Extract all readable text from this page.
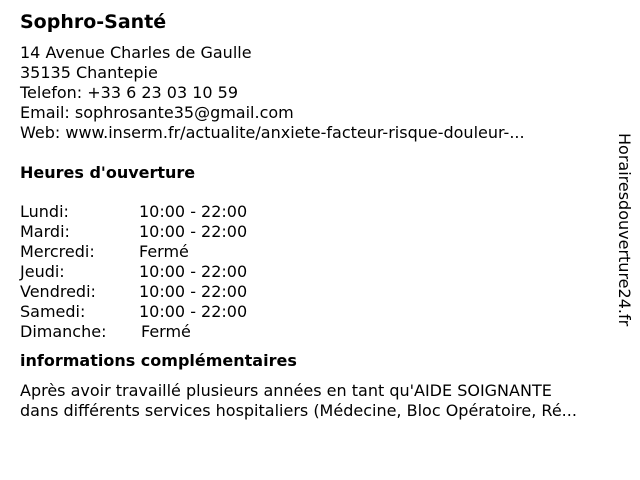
Sophro-Santé
14 Avenue Charles de Gaulle
35135 Chantepie
Telefon: +33 6 23 03 10 59
Email: sophrosante35@gmail.com
Web: www.inserm.fr/actualite/anxiete-facteur-risque-douleur-...
Heures d'ouverture
Lundi:	10:00 - 22:00
Mardi:	10:00 - 22:00
Mercredi:	Fermé
Jeudi:	10:00 - 22:00
Vendredi:	10:00 - 22:00
Samedi:	10:00 - 22:00
Dimanche:	Fermé
informations complémentaires
Après avoir travaillé plusieurs années en tant qu'AIDE SOIGNANTE
dans différents services hospitaliers (Médecine, Bloc Opératoire, Ré...
Horairesdouverture24.fr
